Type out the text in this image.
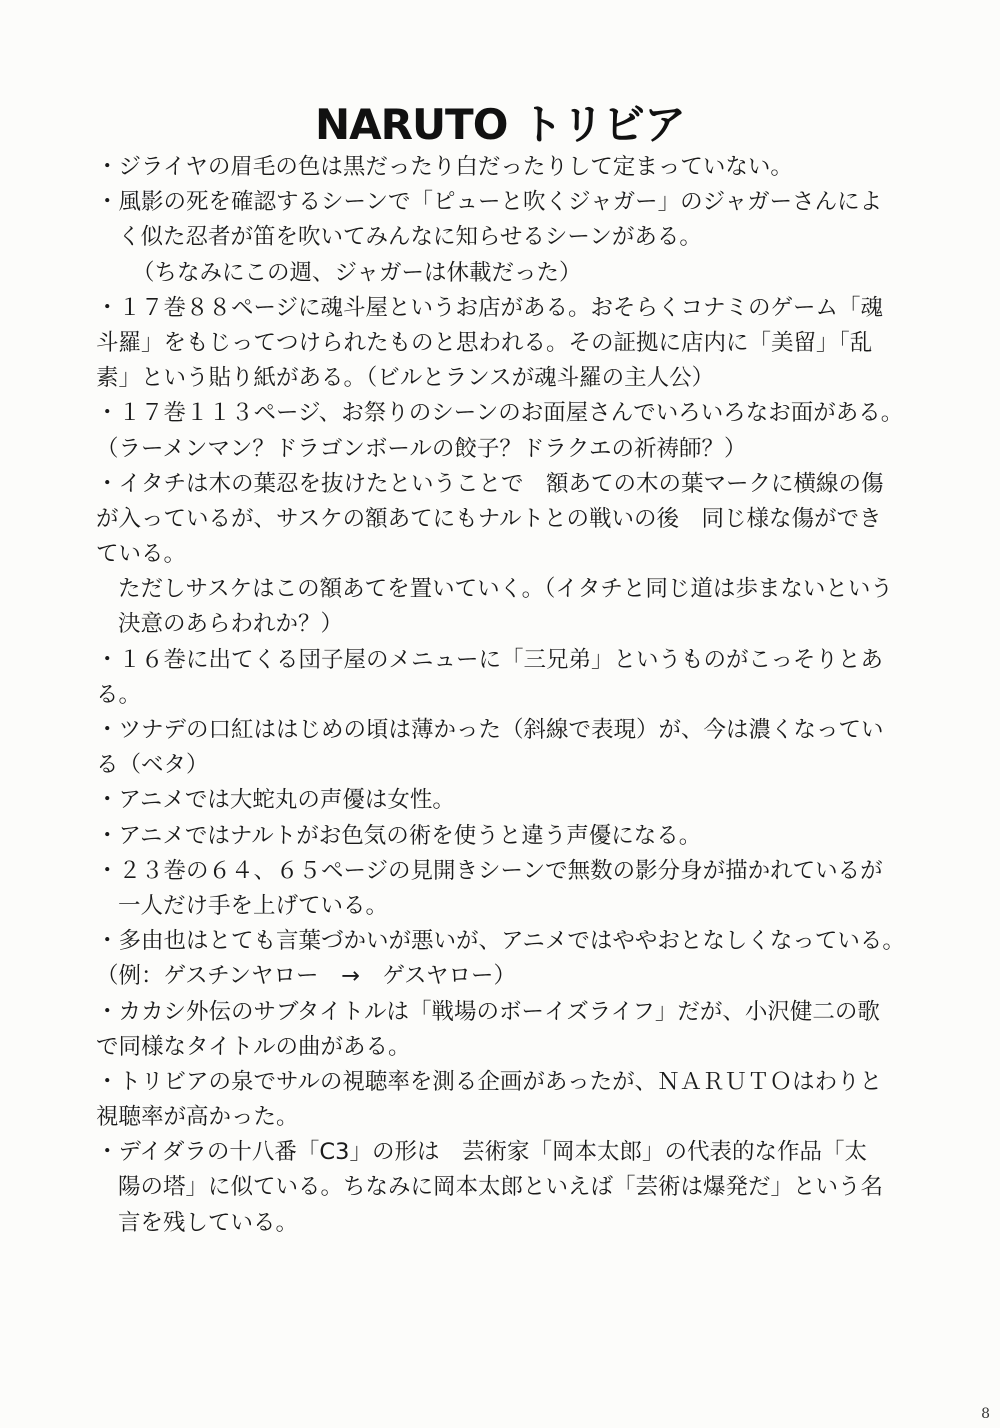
NARUTO トリビア
・ジライヤの眉毛の色は黒だったり白だったりして定まっていない。
・風影の死を確認するシーンで「ピューと吹くジャガー」のジャガーさんによ
く似た忍者が笛を吹いてみんなに知らせるシーンがある。
（ちなみにこの週、ジャガーは休載だった）
・１７巻８８ページに魂斗屋というお店がある。おそらくコナミのゲーム「魂
斗羅」をもじってつけられたものと思われる。その証拠に店内に「美留」「乱
素」という貼り紙がある。（ビルとランスが魂斗羅の主人公）
・１７巻１１３ページ、お祭りのシーンのお面屋さんでいろいろなお面がある。
（ラーメンマン？ドラゴンボールの餃子？ドラクエの祈祷師？）
・イタチは木の葉忍を抜けたということで　額あての木の葉マークに横線の傷
が入っているが、サスケの額あてにもナルトとの戦いの後　同じ様な傷ができ
ている。
ただしサスケはこの額あてを置いていく。（イタチと同じ道は歩まないという
決意のあらわれか？）
・１６巻に出てくる団子屋のメニューに「三兄弟」というものがこっそりとあ
る。
・ツナデの口紅ははじめの頃は薄かった（斜線で表現）が、今は濃くなってい
る（ベタ）
・アニメでは大蛇丸の声優は女性。
・アニメではナルトがお色気の術を使うと違う声優になる。
・２３巻の６４、６５ページの見開きシーンで無数の影分身が描かれているが
一人だけ手を上げている。
・多由也はとても言葉づかいが悪いが、アニメではややおとなしくなっている。
（例：ゲスチンヤロー　→　ゲスヤロー）
・カカシ外伝のサブタイトルは「戦場のボーイズライフ」だが、小沢健二の歌
で同様なタイトルの曲がある。
・トリビアの泉でサルの視聴率を測る企画があったが、ＮＡＲＵＴＯはわりと
視聴率が高かった。
・デイダラの十八番「C3」の形は　芸術家「岡本太郎」の代表的な作品「太
陽の塔」に似ている。ちなみに岡本太郎といえば「芸術は爆発だ」という名
言を残している。
8
